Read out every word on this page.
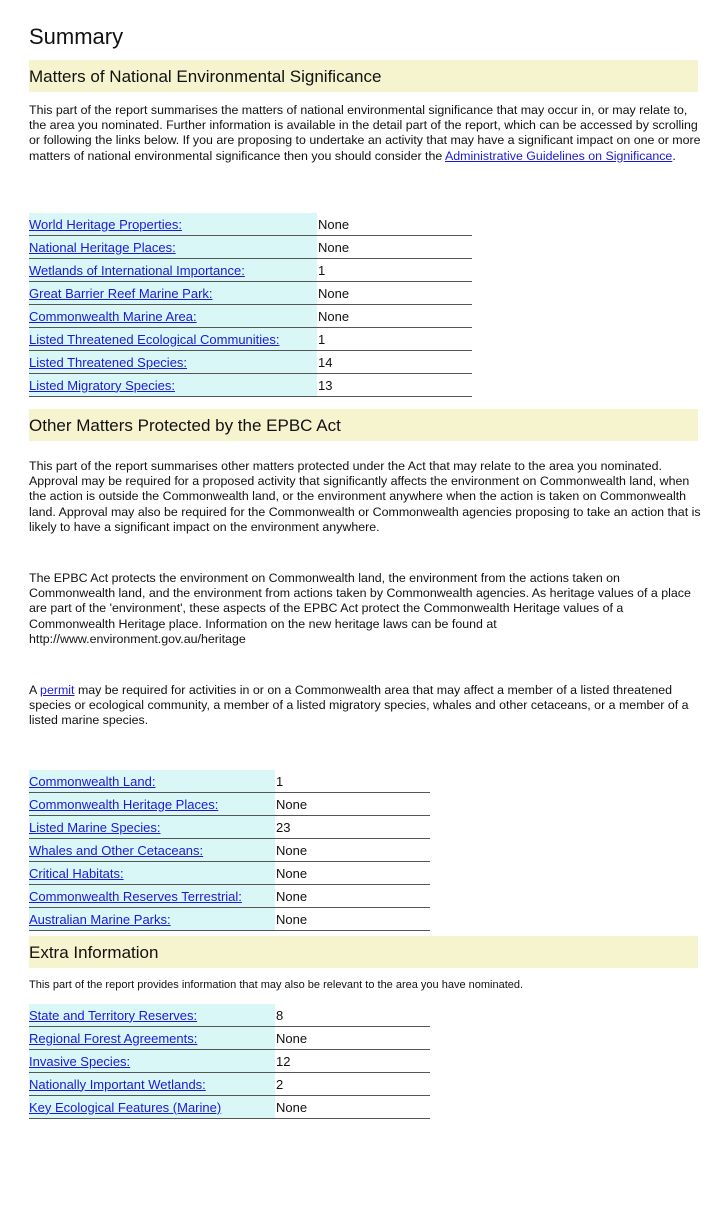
Summary
Matters of National Environmental Significance

This part of the report summarises the matters of national environmental significance that may occur in, or may relate to, the area you nominated. Further information is available in the detail part of the report, which can be accessed by scrolling or following the links below. If you are proposing to undertake an activity that may have a significant impact on one or more matters of national environmental significance then you should consider the Administrative Guidelines on Significance.

World Heritage Properties:	None
National Heritage Places:	None
Wetlands of International Importance:	1
Great Barrier Reef Marine Park:	None
Commonwealth Marine Area:	None
Listed Threatened Ecological Communities:	1
Listed Threatened Species:	14
Listed Migratory Species:	13
Other Matters Protected by the EPBC Act

This part of the report summarises other matters protected under the Act that may relate to the area you nominated. Approval may be required for a proposed activity that significantly affects the environment on Commonwealth land, when the action is outside the Commonwealth land, or the environment anywhere when the action is taken on Commonwealth land. Approval may also be required for the Commonwealth or Commonwealth agencies proposing to take an action that is likely to have a significant impact on the environment anywhere.

The EPBC Act protects the environment on Commonwealth land, the environment from the actions taken on Commonwealth land, and the environment from actions taken by Commonwealth agencies. As heritage values of a place are part of the 'environment', these aspects of the EPBC Act protect the Commonwealth Heritage values of a Commonwealth Heritage place. Information on the new heritage laws can be found at http://www.environment.gov.au/heritage

A permit may be required for activities in or on a Commonwealth area that may affect a member of a listed threatened species or ecological community, a member of a listed migratory species, whales and other cetaceans, or a member of a listed marine species.

Commonwealth Land:	1
Commonwealth Heritage Places:	None
Listed Marine Species:	23
Whales and Other Cetaceans:	None
Critical Habitats:	None
Commonwealth Reserves Terrestrial:	None
Australian Marine Parks:	None
Extra Information

This part of the report provides information that may also be relevant to the area you have nominated.

State and Territory Reserves:	8
Regional Forest Agreements:	None
Invasive Species:	12
Nationally Important Wetlands:	2
Key Ecological Features (Marine)	None
